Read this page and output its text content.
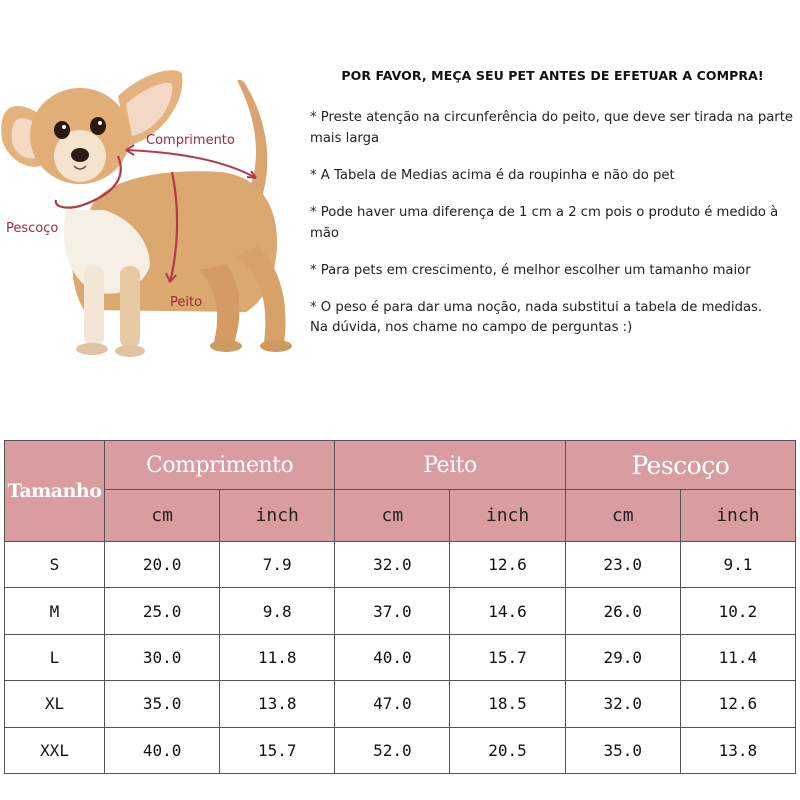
Comprimento
Pescoço
Peito

POR FAVOR, MEÇA SEU PET ANTES DE EFETUAR A COMPRA!

* Preste atenção na circunferência do peito, que deve ser tirada na parte mais larga

* A Tabela de Medias acima é da roupinha e não do pet

* Pode haver uma diferença de 1 cm a 2 cm pois o produto é medido à mão

* Para pets em crescimento, é melhor escolher um tamanho maior

* O peso é para dar uma noção, nada substitui a tabela de medidas.

Na dúvida, nos chame no campo de perguntas :)

Tamanho	Comprimento		Peito		Pescoço	
	cm	inch	cm	inch	cm	inch
S	20.0	7.9	32.0	12.6	23.0	9.1
M	25.0	9.8	37.0	14.6	26.0	10.2
L	30.0	11.8	40.0	15.7	29.0	11.4
XL	35.0	13.8	47.0	18.5	32.0	12.6
XXL	40.0	15.7	52.0	20.5	35.0	13.8
